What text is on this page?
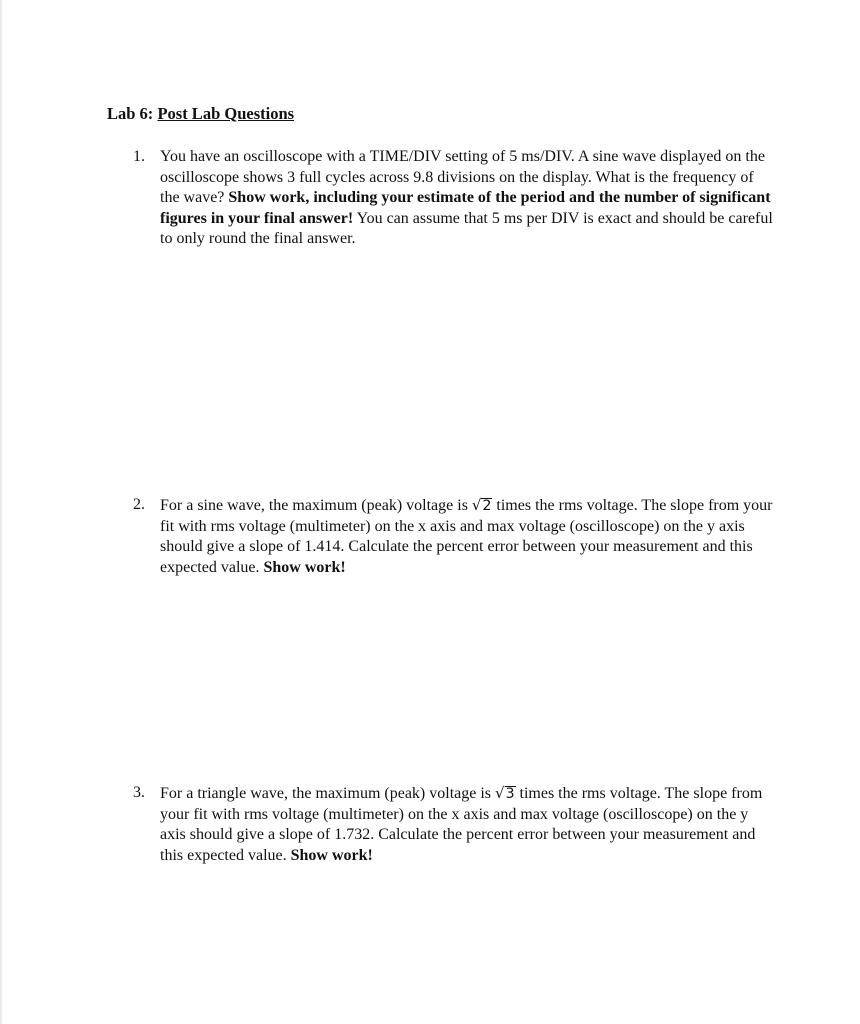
Lab 6: Post Lab Questions
1. You have an oscilloscope with a TIME/DIV setting of 5 ms/DIV. A sine wave displayed on the oscilloscope shows 3 full cycles across 9.8 divisions on the display. What is the frequency of the wave? Show work, including your estimate of the period and the number of significant figures in your final answer! You can assume that 5 ms per DIV is exact and should be careful to only round the final answer.
2. For a sine wave, the maximum (peak) voltage is √2 times the rms voltage. The slope from your fit with rms voltage (multimeter) on the x axis and max voltage (oscilloscope) on the y axis should give a slope of 1.414. Calculate the percent error between your measurement and this expected value. Show work!
3. For a triangle wave, the maximum (peak) voltage is √3 times the rms voltage. The slope from your fit with rms voltage (multimeter) on the x axis and max voltage (oscilloscope) on the y axis should give a slope of 1.732. Calculate the percent error between your measurement and this expected value. Show work!
